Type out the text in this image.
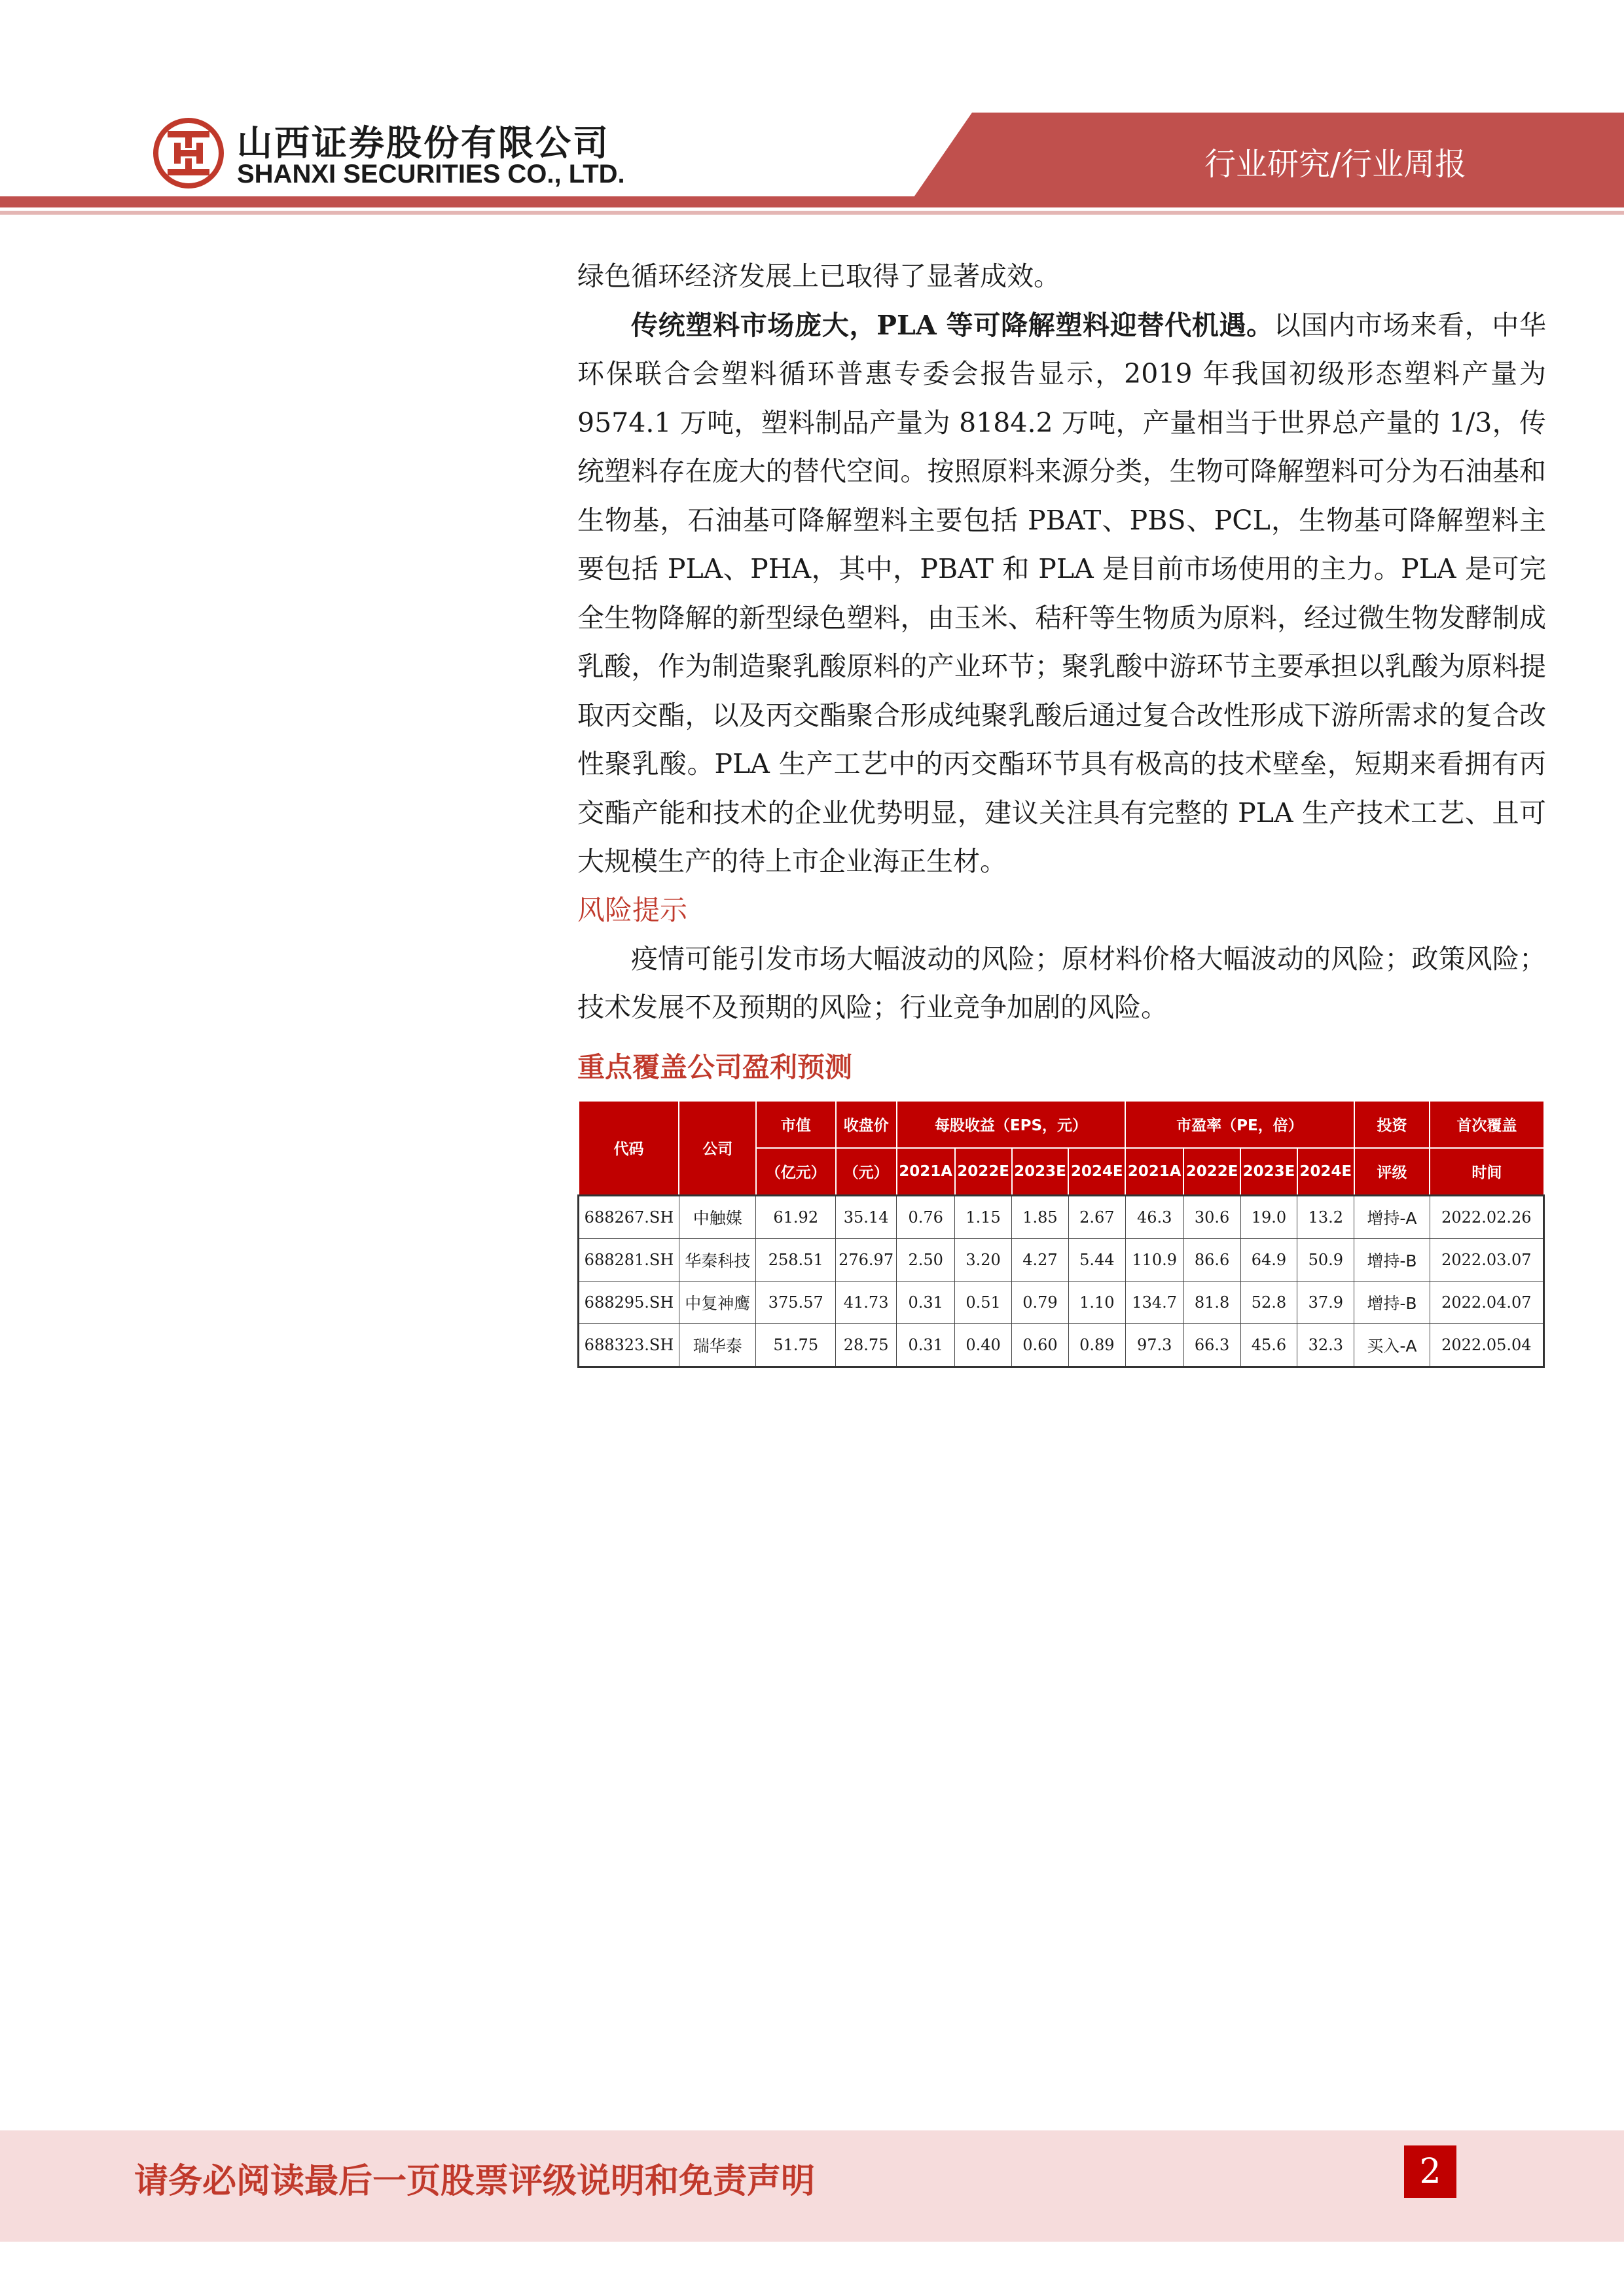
山西证券股份有限公司
SHANXI SECURITIES CO., LTD.	行业研究/行业周报

绿色循环经济发展上已取得了显著成效。

传统塑料市场庞大，PLA 等可降解塑料迎替代机遇。以国内市场来看，中华环保联合会塑料循环普惠专委会报告显示，2019 年我国初级形态塑料产量为 9574.1 万吨，塑料制品产量为 8184.2 万吨，产量相当于世界总产量的 1/3，传统塑料存在庞大的替代空间。按照原料来源分类，生物可降解塑料可分为石油基和生物基，石油基可降解塑料主要包括 PBAT、PBS、PCL，生物基可降解塑料主要包括 PLA、PHA，其中，PBAT 和 PLA 是目前市场使用的主力。PLA 是可完全生物降解的新型绿色塑料，由玉米、秸秆等生物质为原料，经过微生物发酵制成乳酸，作为制造聚乳酸原料的产业环节；聚乳酸中游环节主要承担以乳酸为原料提取丙交酯，以及丙交酯聚合形成纯聚乳酸后通过复合改性形成下游所需求的复合改性聚乳酸。PLA 生产工艺中的丙交酯环节具有极高的技术壁垒，短期来看拥有丙交酯产能和技术的企业优势明显，建议关注具有完整的 PLA 生产技术工艺、且可大规模生产的待上市企业海正生材。

风险提示

疫情可能引发市场大幅波动的风险；原材料价格大幅波动的风险；政策风险；技术发展不及预期的风险；行业竞争加剧的风险。

重点覆盖公司盈利预测

代码	公司	市值	收盘价	每股收益（EPS，元）				市盈率（PE，倍）				投资	首次覆盖
		（亿元）	（元）	2021A	2022E	2023E	2024E	2021A	2022E	2023E	2024E	评级	时间
688267.SH	中触媒	61.92	35.14	0.76	1.15	1.85	2.67	46.3	30.6	19.0	13.2	增持-A	2022.02.26
688281.SH	华秦科技	258.51	276.97	2.50	3.20	4.27	5.44	110.9	86.6	64.9	50.9	增持-B	2022.03.07
688295.SH	中复神鹰	375.57	41.73	0.31	0.51	0.79	1.10	134.7	81.8	52.8	37.9	增持-B	2022.04.07
688323.SH	瑞华泰	51.75	28.75	0.31	0.40	0.60	0.89	97.3	66.3	45.6	32.3	买入-A	2022.05.04
请务必阅读最后一页股票评级说明和免责声明	2
